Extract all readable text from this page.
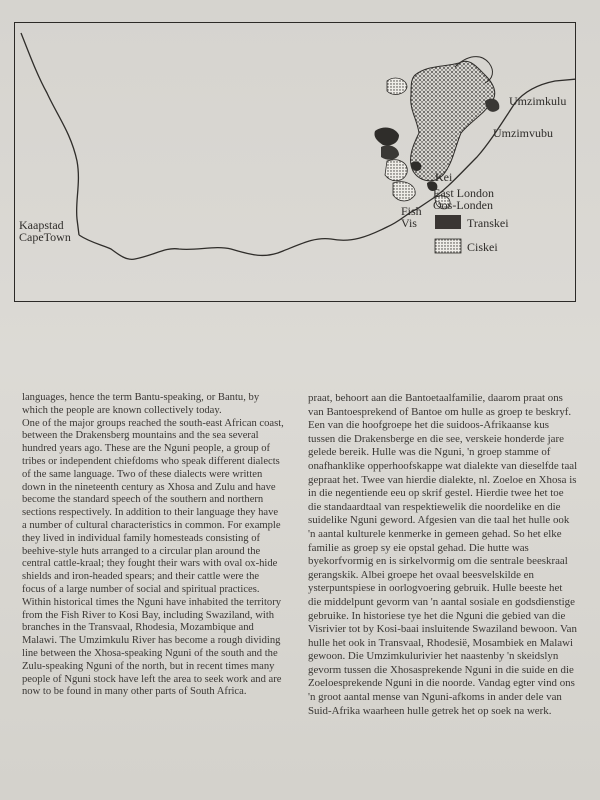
Kaapstad
CapeTown
Umzimkulu
Umzimvubu
Kei
East London
Oos-Londen
Fish
Vis	Transkei
Ciskei

languages, hence the term Bantu-speaking, or Bantu, by which the people are known collectively today.

One of the major groups reached the south-east African coast, between the Drakensberg mountains and the sea several hundred years ago. These are the Nguni people, a group of tribes or independent chiefdoms who speak different dialects of the same language. Two of these dialects were written down in the nineteenth century as Xhosa and Zulu and have become the standard speech of the southern and northern sections respectively. In addition to their language they have a number of cultural characteristics in common. For example they lived in individual family homesteads consisting of beehive-style huts arranged to a circular plan around the central cattle-kraal; they fought their wars with oval ox-hide shields and iron-headed spears; and their cattle were the focus of a large number of social and spiritual practices. Within historical times the Nguni have inhabited the territory from the Fish River to Kosi Bay, including Swaziland, with branches in the Transvaal, Rhodesia, Mozambique and Malawi. The Umzimkulu River has become a rough dividing line between the Xhosa-speaking Nguni of the south and the Zulu-speaking Nguni of the north, but in recent times many people of Nguni stock have left the area to seek work and are now to be found in many other parts of South Africa.

praat, behoort aan die Bantoetaalfamilie, daarom praat ons van Bantoesprekend of Bantoe om hulle as groep te beskryf. Een van die hoofgroepe het die suidoos-Afrikaanse kus tussen die Drakensberge en die see, verskeie honderde jare gelede bereik. Hulle was die Nguni, 'n groep stamme of onafhanklike opperhoofskappe wat dialekte van dieselfde taal gepraat het. Twee van hierdie dialekte, nl. Zoeloe en Xhosa is in die negentiende eeu op skrif gestel. Hierdie twee het toe die standaardtaal van respektiewelik die noordelike en die suidelike Nguni geword. Afgesien van die taal het hulle ook 'n aantal kulturele kenmerke in gemeen gehad. So het elke familie as groep sy eie opstal gehad. Die hutte was byekorfvormig en is sirkelvormig om die sentrale beeskraal gerangskik. Albei groepe het ovaal beesvelskilde en ysterpuntspiese in oorlogvoering gebruik. Hulle beeste het die middelpunt gevorm van 'n aantal sosiale en godsdienstige gebruike. In historiese tye het die Nguni die gebied van die Visrivier tot by Kosi-baai insluitende Swaziland bewoon. Van hulle het ook in Transvaal, Rhodesië, Mosambiek en Malawi gewoon. Die Umzimkulurivier het naastenby 'n skeidslyn gevorm tussen die Xhosasprekende Nguni in die suide en die Zoeloesprekende Nguni in die noorde. Vandag egter vind ons 'n groot aantal mense van Nguni-afkoms in ander dele van Suid-Afrika waarheen hulle getrek het op soek na werk.
